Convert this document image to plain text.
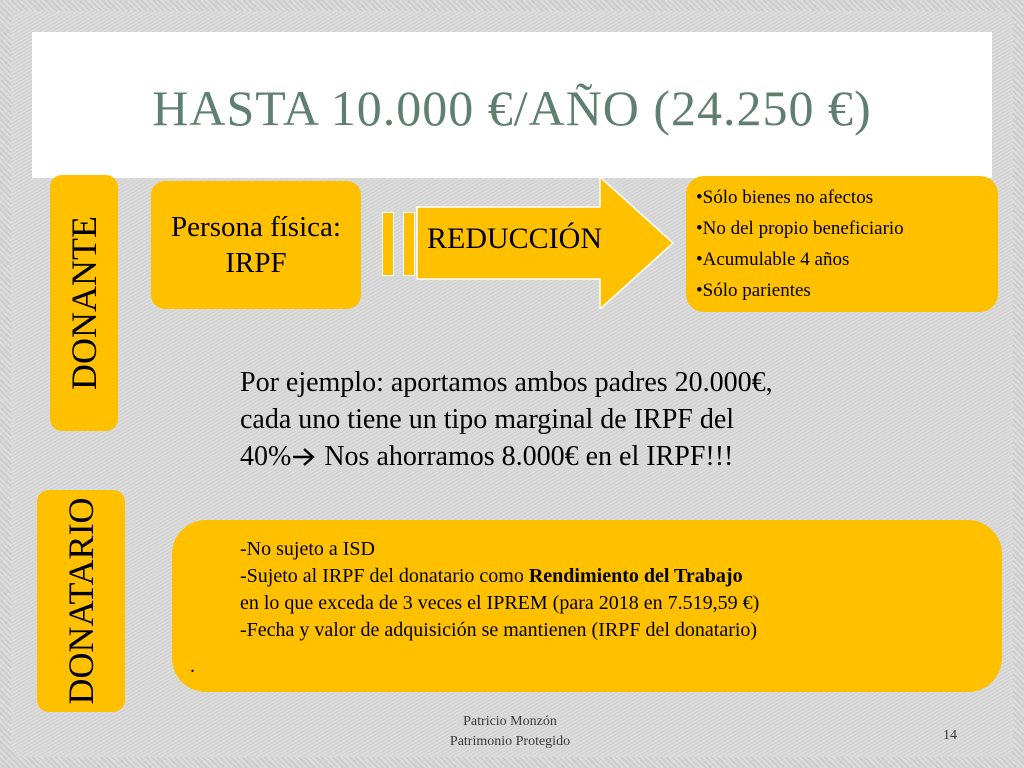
HASTA 10.000 €/AÑO (24.250 €)
DONANTE
DONATARIO
Persona física:
IRPF
REDUCCIÓN
•Sólo bienes no afectos
•No del propio beneficiario
•Acumulable 4 años
•Sólo parientes
Por ejemplo: aportamos ambos padres 20.000€,
cada uno tiene un tipo marginal de IRPF del
40% Nos ahorramos 8.000€ en el IRPF!!!
-No sujeto a ISD
-Sujeto al IRPF del donatario como Rendimiento del Trabajo
en lo que exceda de 3 veces el IPREM (para 2018 en 7.519,59 €)
-Fecha y valor de adquisición se mantienen (IRPF del donatario)
.
Patricio Monzón
Patrimonio Protegido	14
